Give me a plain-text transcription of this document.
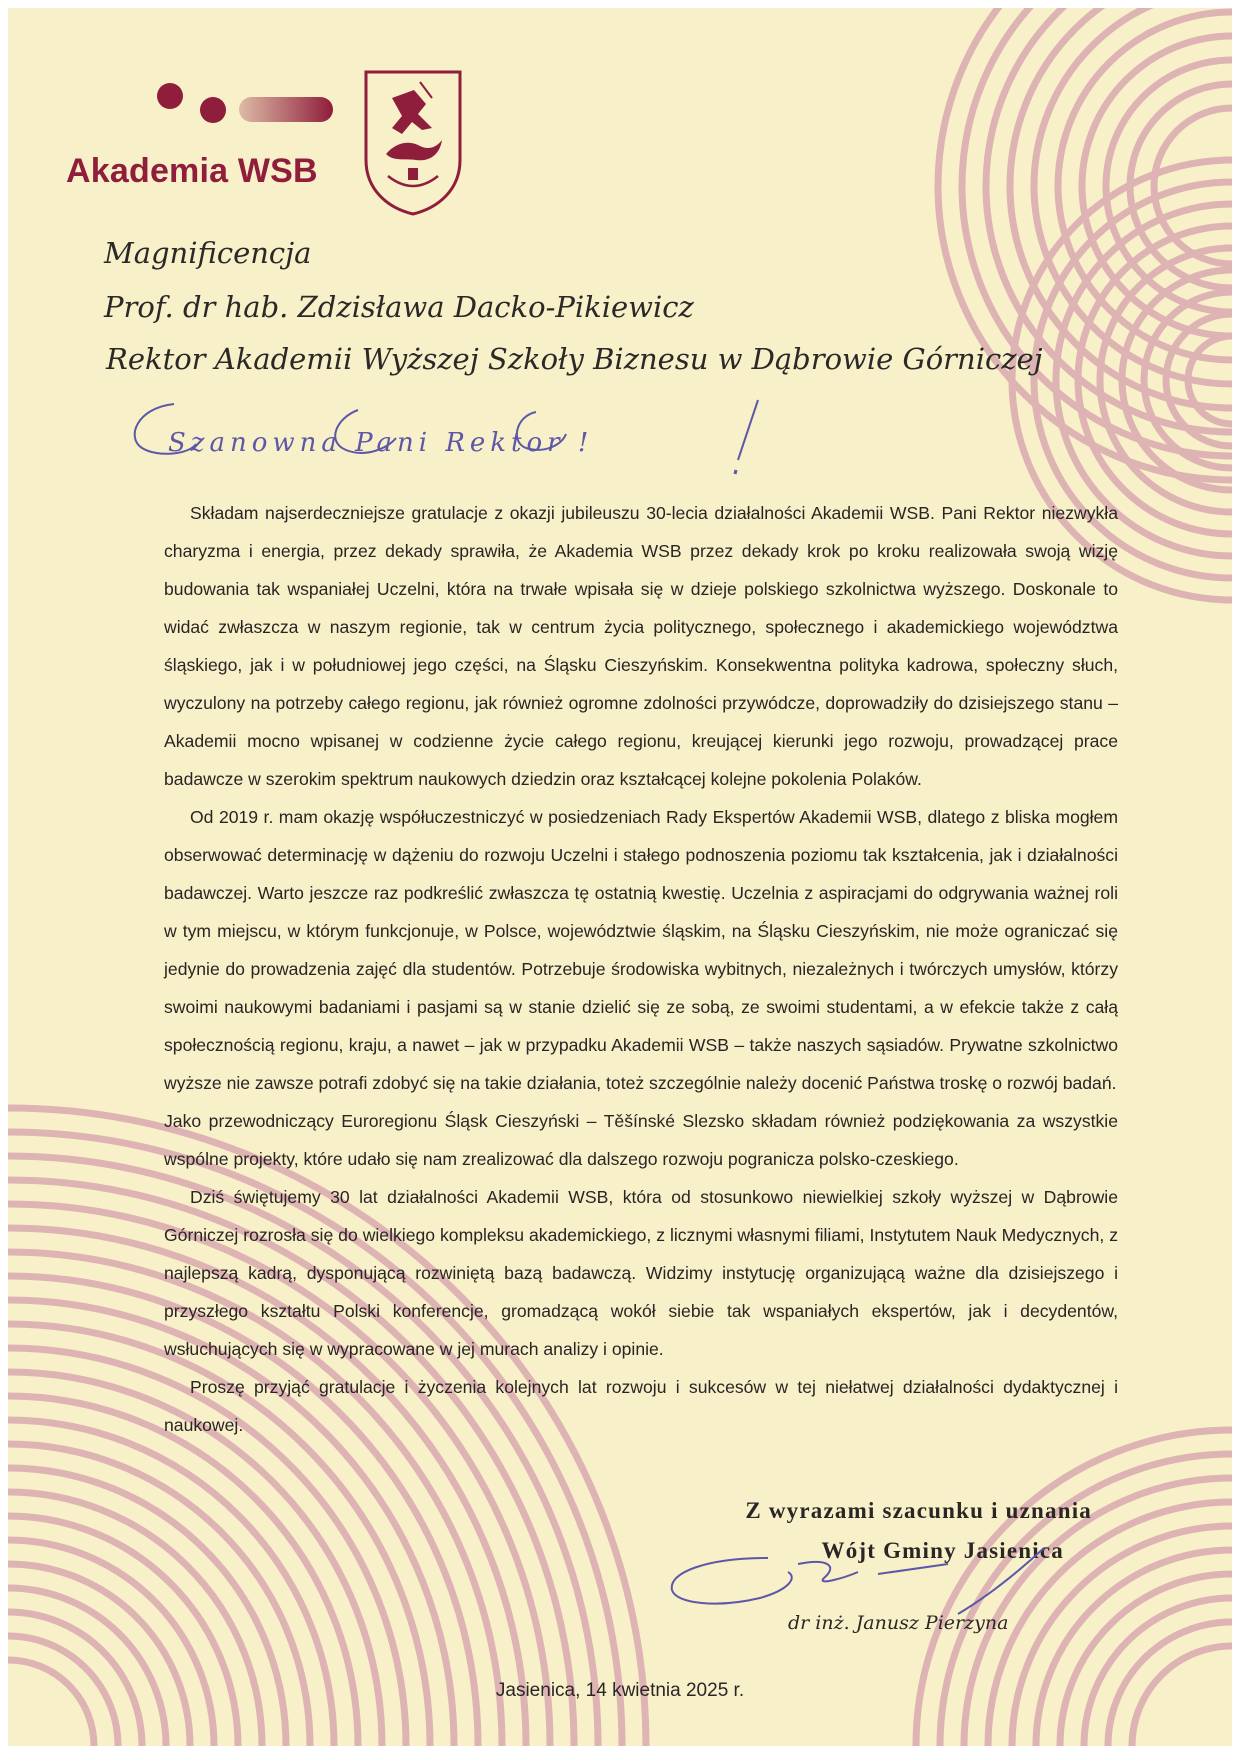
Akademia WSB
Magnificencja
Prof. dr hab. Zdzisława Dacko-Pikiewicz
Rektor Akademii Wyższej Szkoły Biznesu w Dąbrowie Górniczej
Szanowna Pani Rektor !

Składam najserdeczniejsze gratulacje z okazji jubileuszu 30-lecia działalności Akademii WSB. Pani Rektor niezwykła charyzma i energia, przez dekady sprawiła, że Akademia WSB przez dekady krok po kroku realizowała swoją wizję budowania tak wspaniałej Uczelni, która na trwałe wpisała się w dzieje polskiego szkolnictwa wyższego. Doskonale to widać zwłaszcza w naszym regionie, tak w centrum życia politycznego, społecznego i akademickiego województwa śląskiego, jak i w południowej jego części, na Śląsku Cieszyńskim. Konsekwentna polityka kadrowa, społeczny słuch, wyczulony na potrzeby całego regionu, jak również ogromne zdolności przywódcze, doprowadziły do dzisiejszego stanu – Akademii mocno wpisanej w codzienne życie całego regionu, kreującej kierunki jego rozwoju, prowadzącej prace badawcze w szerokim spektrum naukowych dziedzin oraz kształcącej kolejne pokolenia Polaków.

Od 2019 r. mam okazję współuczestniczyć w posiedzeniach Rady Ekspertów Akademii WSB, dlatego z bliska mogłem obserwować determinację w dążeniu do rozwoju Uczelni i stałego podnoszenia poziomu tak kształcenia, jak i działalności badawczej. Warto jeszcze raz podkreślić zwłaszcza tę ostatnią kwestię. Uczelnia z aspiracjami do odgrywania ważnej roli w tym miejscu, w którym funkcjonuje, w Polsce, województwie śląskim, na Śląsku Cieszyńskim, nie może ograniczać się jedynie do prowadzenia zajęć dla studentów. Potrzebuje środowiska wybitnych, niezależnych i twórczych umysłów, którzy swoimi naukowymi badaniami i pasjami są w stanie dzielić się ze sobą, ze swoimi studentami, a w efekcie także z całą społecznością regionu, kraju, a nawet – jak w przypadku Akademii WSB – także naszych sąsiadów. Prywatne szkolnictwo wyższe nie zawsze potrafi zdobyć się na takie działania, toteż szczególnie należy docenić Państwa troskę o rozwój badań.

Jako przewodniczący Euroregionu Śląsk Cieszyński – Těšínské Slezsko składam również podziękowania za wszystkie wspólne projekty, które udało się nam zrealizować dla dalszego rozwoju pogranicza polsko-czeskiego.

Dziś świętujemy 30 lat działalności Akademii WSB, która od stosunkowo niewielkiej szkoły wyższej w Dąbrowie Górniczej rozrosła się do wielkiego kompleksu akademickiego, z licznymi własnymi filiami, Instytutem Nauk Medycznych, z najlepszą kadrą, dysponującą rozwiniętą bazą badawczą. Widzimy instytucję organizującą ważne dla dzisiejszego i przyszłego kształtu Polski konferencje, gromadzącą wokół siebie tak wspaniałych ekspertów, jak i decydentów, wsłuchujących się w wypracowane w jej murach analizy i opinie.

Proszę przyjąć gratulacje i życzenia kolejnych lat rozwoju i sukcesów w tej niełatwej działalności dydaktycznej i naukowej.

Z wyrazami szacunku i uznania
Wójt Gminy Jasienica
dr inż. Janusz Pierzyna
Jasienica, 14 kwietnia 2025 r.
